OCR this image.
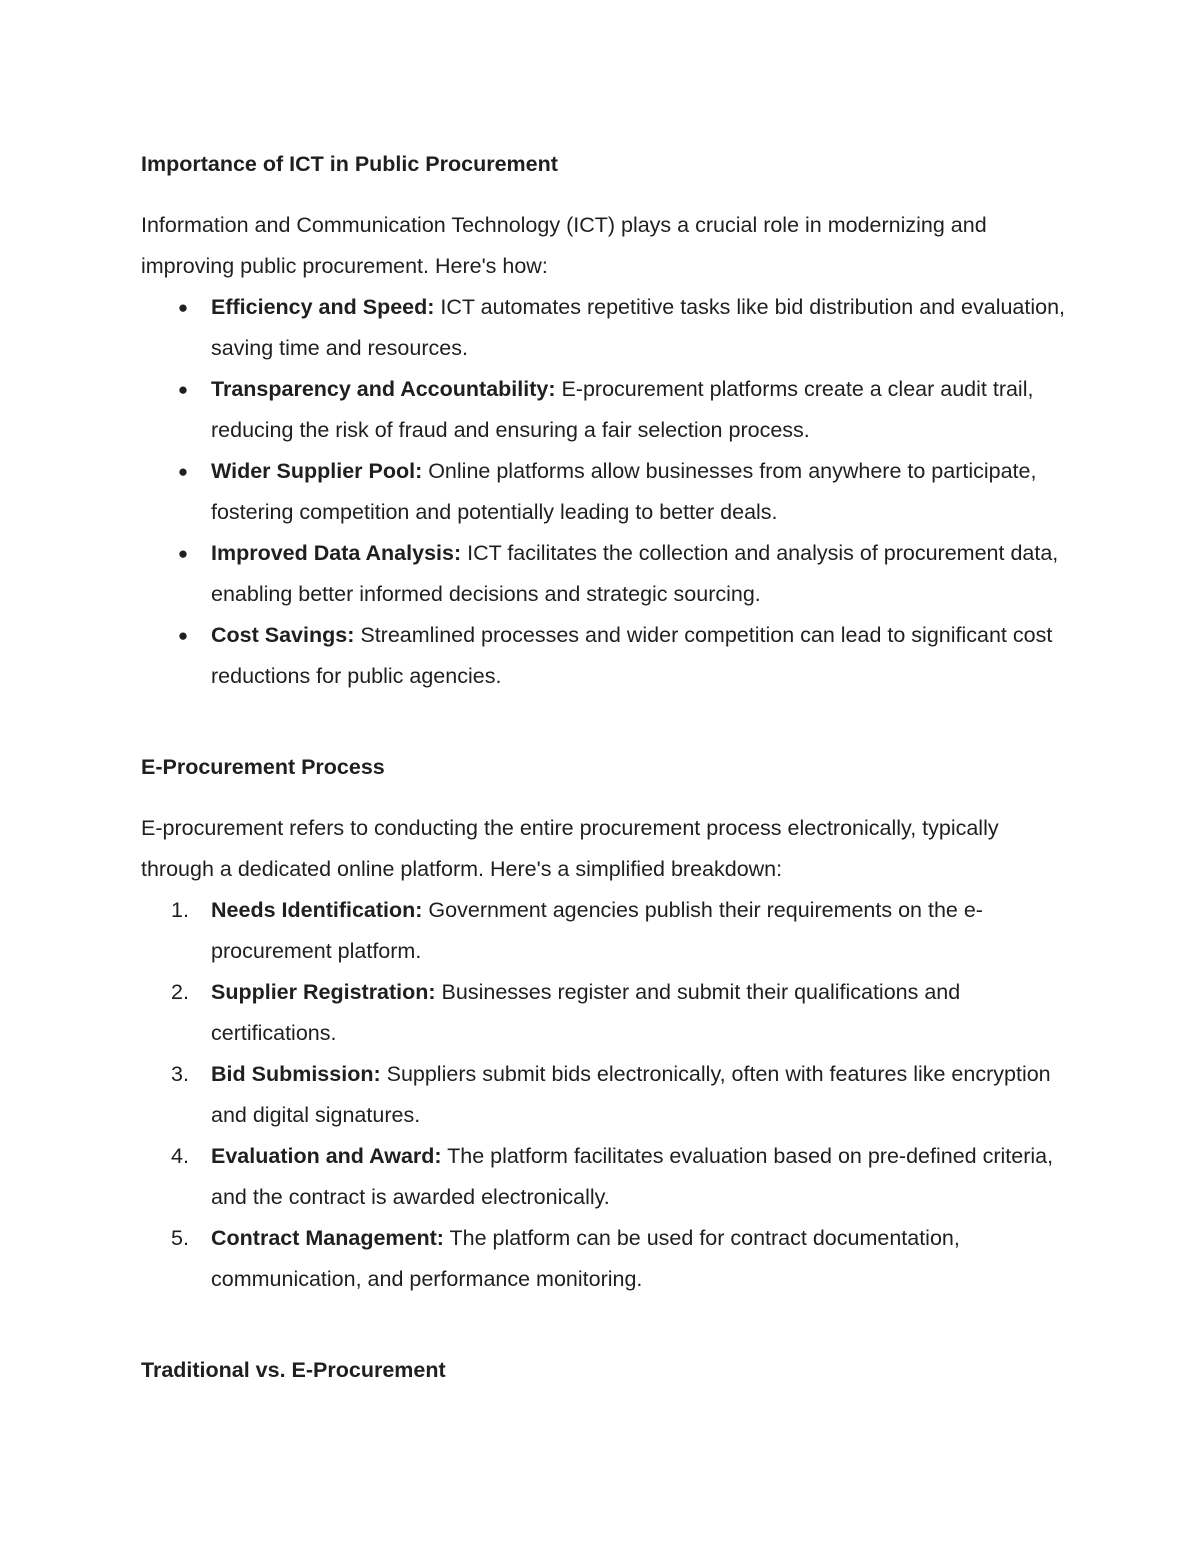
Importance of ICT in Public Procurement

Information and Communication Technology (ICT) plays a crucial role in modernizing and improving public procurement. Here's how:

● Efficiency and Speed: ICT automates repetitive tasks like bid distribution and evaluation, saving time and resources.
● Transparency and Accountability: E-procurement platforms create a clear audit trail, reducing the risk of fraud and ensuring a fair selection process.
● Wider Supplier Pool: Online platforms allow businesses from anywhere to participate, fostering competition and potentially leading to better deals.
● Improved Data Analysis: ICT facilitates the collection and analysis of procurement data, enabling better informed decisions and strategic sourcing.
● Cost Savings: Streamlined processes and wider competition can lead to significant cost reductions for public agencies.
E-Procurement Process

E-procurement refers to conducting the entire procurement process electronically, typically through a dedicated online platform. Here's a simplified breakdown:

1.	Needs Identification: Government agencies publish their requirements on the e-procurement platform.
2.	Supplier Registration: Businesses register and submit their qualifications and certifications.
3.	Bid Submission: Suppliers submit bids electronically, often with features like encryption and digital signatures.
4.	Evaluation and Award: The platform facilitates evaluation based on pre-defined criteria, and the contract is awarded electronically.
5.	Contract Management: The platform can be used for contract documentation, communication, and performance monitoring.
Traditional vs. E-Procurement
